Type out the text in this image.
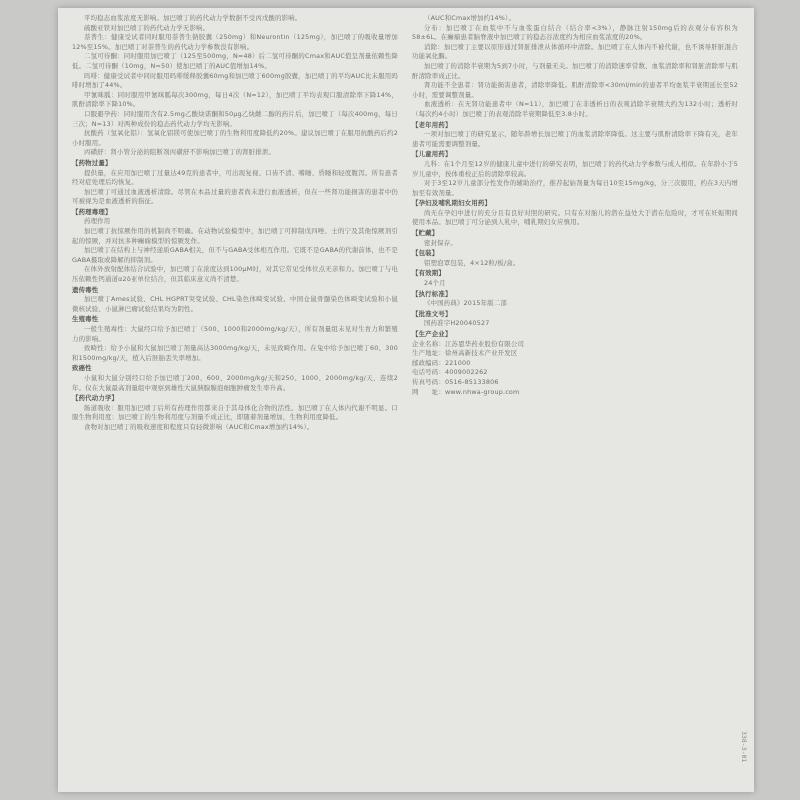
平均稳态血浆浓度无影响。加巴喷丁的药代动力学数据不受丙戊酸的影响。

硫酸亚铁对加巴喷丁的药代动力学无影响。

萘普生：健康受试者同时服用萘普生钠胶囊（250mg）和Neurontin（125mg），加巴喷丁的吸收量增加12%至15%。加巴喷丁对萘普生的药代动力学参数没有影响。

二氢可待酮：同时服用加巴喷丁（125至500mg，N=48）后二氢可待酮的Cmax和AUC值呈剂量依赖性降低。二氢可待酮（10mg，N=50）使加巴喷丁的AUC值增加14%。

吗啡：健康受试者中同时服用吗啡缓释胶囊60mg和加巴喷丁600mg胶囊，加巴喷丁的平均AUC比未服用吗啡时增加了44%。

甲氰咪胍：同时服用甲氰咪胍每次300mg，每日4次（N=12），加巴喷丁平均表观口服清除率下降14%，肌酐清除率下降10%。

口服避孕药：同时服用含有2.5mg乙酸炔诺酮和50μg乙炔雌二醇的药片后，加巴喷丁（每次400mg，每日三次；N=13）对两种成份的稳态药代动力学均无影响。

抗酸药（氢氧化铝）：氢氧化铝镁可使加巴喷丁的生物利用度降低约20%。建议加巴喷丁在服用抗酸药后约2小时服用。

丙磺舒：肾小管分泌的阻断剂丙磺舒不影响加巴喷丁的肾脏排泄。

【药物过量】

提供量，在应用加巴喷丁过量达49克的患者中，可出现复视、口齿不清、嗜睡、昏睡和轻度腹泻。所有患者经对症处理后均恢复。

加巴喷丁可通过血液透析清除。尽管在本品过量的患者尚未进行血液透析，但在一些肾功能损害的患者中仍可被视为是血液透析的指征。

【药理毒理】

药理作用

加巴喷丁抗惊厥作用的机制尚不明确。在动物试验模型中，加巴喷丁可抑制戊四唑、士的宁及其他惊厥剂引起的惊厥，并对抗多种癫痫模型的惊厥发作。

加巴喷丁在结构上与神经递质GABA相关，但不与GABA受体相互作用。它既不是GABA的代谢前体，也不是GABA摄取或降解的抑制剂。

在体外放射配体结合试验中，加巴喷丁在浓度达到100μM时，对其它常见受体位点无亲和力。加巴喷丁与电压依赖性钙通道α2δ亚单位结合，但其临床意义尚不清楚。

遗传毒性

加巴喷丁Ames试验、CHL HGPRT突变试验、CHL染色体畸变试验、中国仓鼠骨髓染色体畸变试验和小鼠微核试验、小鼠淋巴瘤试验结果均为阴性。

生殖毒性

一般生殖毒性：大鼠经口给予加巴喷丁（500、1000和2000mg/kg/天），所有剂量组未见对生育力和繁殖力的影响。

致畸性：给予小鼠和大鼠加巴喷丁剂量高达3000mg/kg/天，未见致畸作用。在兔中给予加巴喷丁60、300和1500mg/kg/天，植入后胚胎丢失率增加。

致癌性

小鼠和大鼠分别经口给予加巴喷丁200、600、2000mg/kg/天和250、1000、2000mg/kg/天，连续2年。仅在大鼠最高剂量组中观察到雄性大鼠胰腺腺泡细胞肿瘤发生率升高。

【药代动力学】

肠道吸收：服用加巴喷丁后所有药理作用都来自于其母体化合物的活性。加巴喷丁在人体内代谢不明显。口服生物利用度：加巴喷丁的生物利用度与剂量不成正比，即随着剂量增加，生物利用度降低。

食物对加巴喷丁的吸收速度和程度只有轻微影响（AUC和Cmax增加约14%）。

（AUC和Cmax增加约14%）。

分布：加巴喷丁在血浆中不与血浆蛋白结合（结合率<3%），静脉注射150mg后的表观分布容积为58±6L。在癫痫患者脑脊液中加巴喷丁的稳态谷浓度约为相应血浆浓度的20%。

消除：加巴喷丁主要以原形通过肾脏排泄从体循环中清除。加巴喷丁在人体内不被代谢，也不诱导肝脏混合功能氧化酶。

加巴喷丁的消除半衰期为5到7小时，与剂量无关。加巴喷丁的消除速率常数、血浆清除率和肾脏清除率与肌酐清除率成正比。

肾功能不全患者：肾功能损害患者，清除率降低。肌酐清除率<30ml/min的患者平均血浆半衰期延长至52小时，需要调整剂量。

血液透析：在无肾功能患者中（N=11），加巴喷丁在非透析日的表观消除半衰期大约为132小时；透析时（每次约4小时）加巴喷丁的表观消除半衰期降低至3.8小时。

【老年用药】

一项对加巴喷丁的研究显示，随年龄增长加巴喷丁的血浆清除率降低。这主要与肌酐清除率下降有关，老年患者可能需要调整剂量。

【儿童用药】

儿科：在1个月至12岁的健康儿童中进行的研究表明，加巴喷丁的药代动力学参数与成人相似。在年龄小于5岁儿童中，按体重校正后的清除率较高。

对于3至12岁儿童部分性发作的辅助治疗，推荐起始剂量为每日10至15mg/kg，分三次服用，约在3天内增加至有效剂量。

【孕妇及哺乳期妇女用药】

尚无在孕妇中进行的充分且有良好对照的研究。只有在对胎儿的潜在益处大于潜在危险时，才可在妊娠期间使用本品。加巴喷丁可分泌到人乳中，哺乳期妇女应慎用。

【贮藏】

密封保存。

【包装】

铝塑泡罩包装，4×12粒/板/盒。

【有效期】

24个月

【执行标准】

《中国药典》2015年版二部

【批准文号】

国药准字H20040527

【生产企业】

企业名称：江苏恩华药业股份有限公司

生产地址：徐州高新技术产业开发区

邮政编码：221000

电话号码：4009002262

传真号码：0516-85133806

网　　址：www.nhwa-group.com

338-3-01
